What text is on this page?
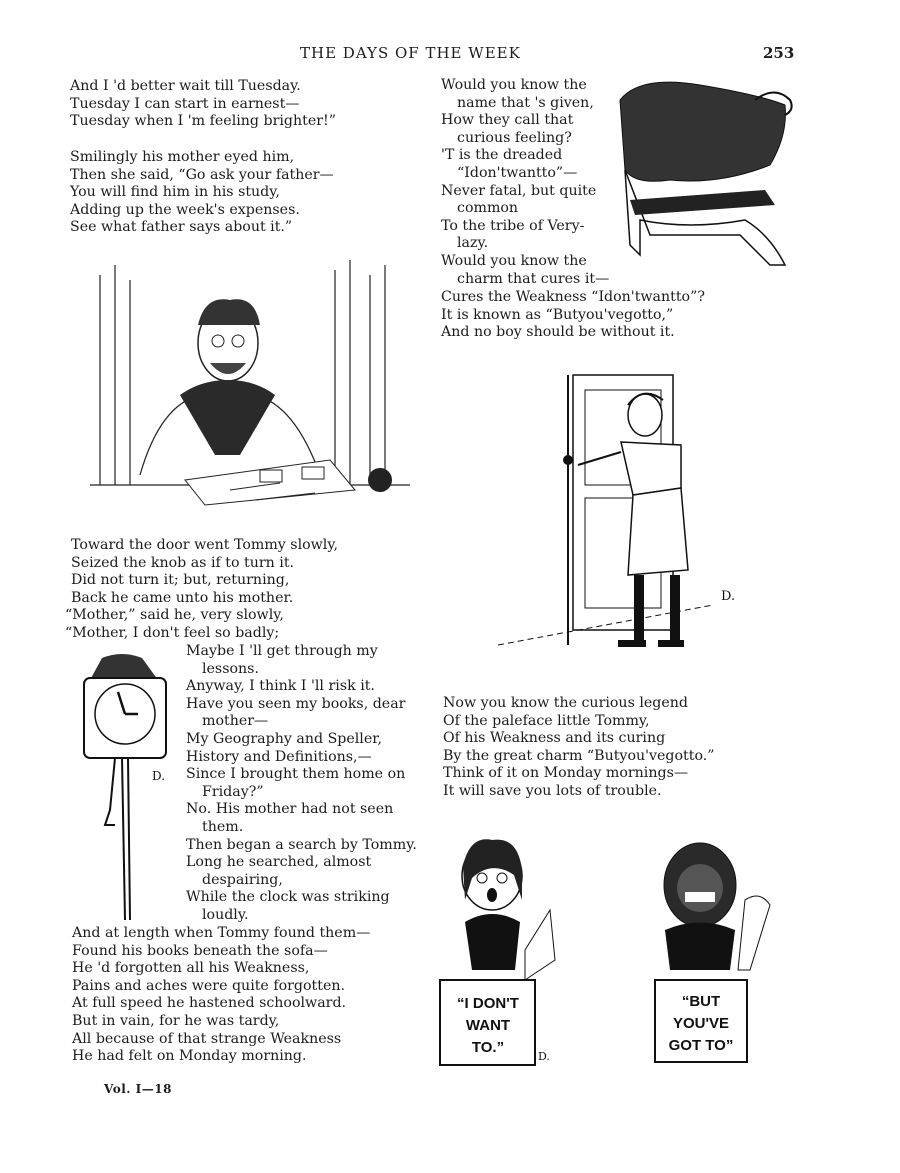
THE DAYS OF THE WEEK	253
And I 'd better wait till Tuesday.
Tuesday I can start in earnest—
Tuesday when I 'm feeling brighter!”
Smilingly his mother eyed him,
Then she said, “Go ask your father—
You will find him in his study,
Adding up the week's expenses.
See what father says about it.”
Toward the door went Tommy slowly,
Seized the knob as if to turn it.
Did not turn it; but, returning,
Back he came unto his mother.
“Mother,” said he, very slowly,
“Mother, I don't feel so badly;
Maybe I 'll get through my
lessons.
Anyway, I think I 'll risk it.
Have you seen my books, dear
mother—
My Geography and Speller,
History and Definitions,—
Since I brought them home on
Friday?”
No. His mother had not seen
them.
Then began a search by Tommy.
Long he searched, almost
despairing,
While the clock was striking
loudly.
And at length when Tommy found them—
Found his books beneath the sofa—
He 'd forgotten all his Weakness,
Pains and aches were quite forgotten.
At full speed he hastened schoolward.
But in vain, for he was tardy,
All because of that strange Weakness
He had felt on Monday morning.
Would you know the
name that 's given,
How they call that
curious feeling?
'T is the dreaded
“Idon'twantto”—
Never fatal, but quite
common
To the tribe of Very-
lazy.
Would you know the
charm that cures it—
Cures the Weakness “Idon'twantto”?
It is known as “Butyou'vegotto,”
And no boy should be without it.
Now you know the curious legend
Of the paleface little Tommy,
Of his Weakness and its curing
By the great charm “Butyou'vegotto.”
Think of it on Monday mornings—
It will save you lots of trouble.
D.
D.
“I DON'T
WANT
TO.”
D.
“BUT
YOU'VE
GOT TO”
Vol. I—18
